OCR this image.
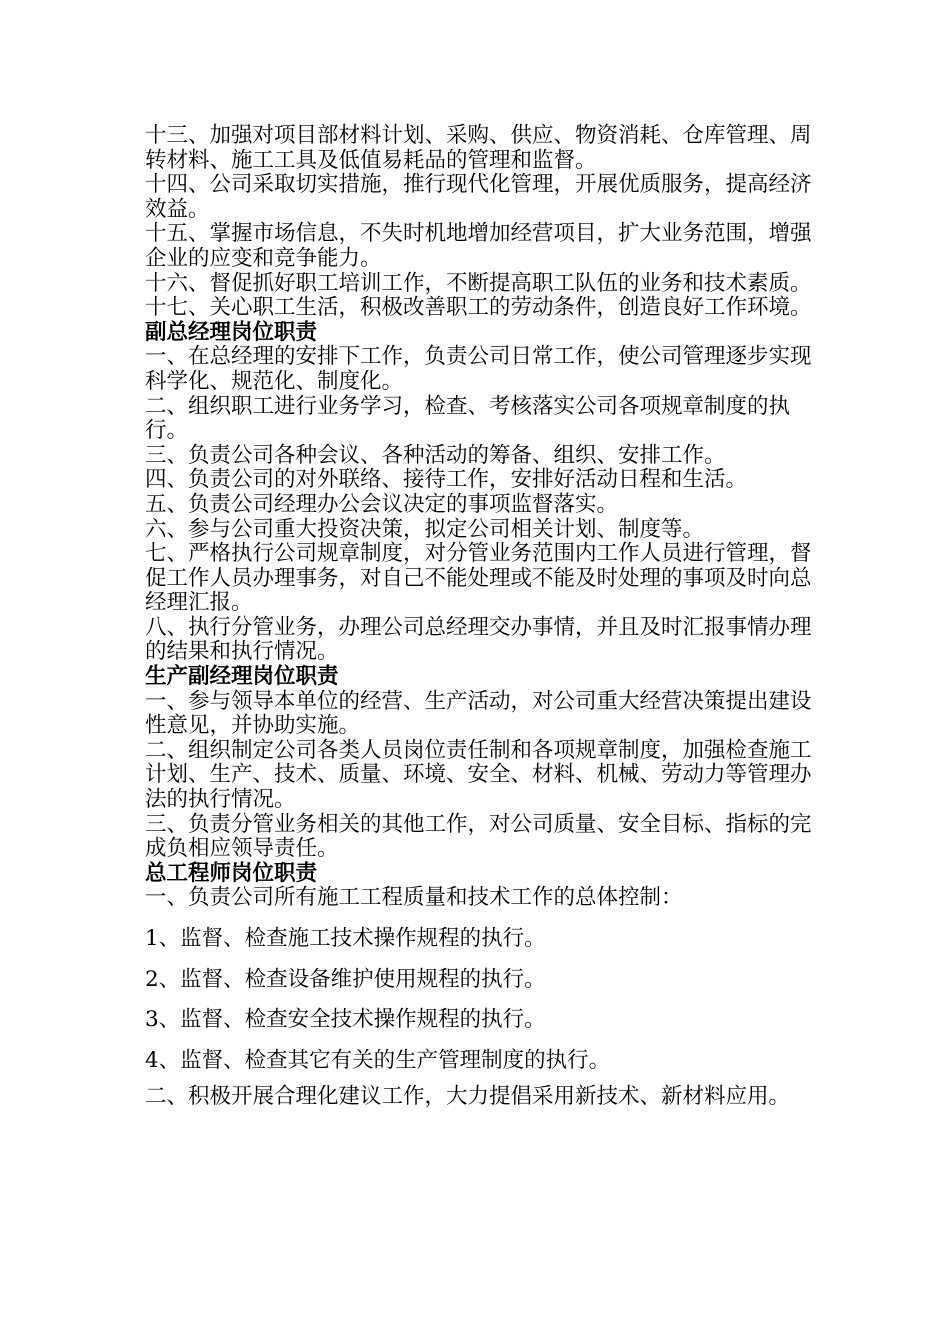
十三、加强对项目部材料计划、采购、供应、物资消耗、仓库管理、周转材料、施工工具及低值易耗品的管理和监督。

十四、公司采取切实措施，推行现代化管理，开展优质服务，提高经济效益。

十五、掌握市场信息，不失时机地增加经营项目，扩大业务范围，增强企业的应变和竞争能力。

十六、督促抓好职工培训工作，不断提高职工队伍的业务和技术素质。

十七、关心职工生活，积极改善职工的劳动条件，创造良好工作环境。

副总经理岗位职责

一、在总经理的安排下工作，负责公司日常工作，使公司管理逐步实现科学化、规范化、制度化。

二、组织职工进行业务学习，检查、考核落实公司各项规章制度的执行。

三、负责公司各种会议、各种活动的筹备、组织、安排工作。

四、负责公司的对外联络、接待工作，安排好活动日程和生活。

五、负责公司经理办公会议决定的事项监督落实。

六、参与公司重大投资决策，拟定公司相关计划、制度等。

七、严格执行公司规章制度，对分管业务范围内工作人员进行管理，督促工作人员办理事务，对自己不能处理或不能及时处理的事项及时向总经理汇报。

八、执行分管业务，办理公司总经理交办事情，并且及时汇报事情办理的结果和执行情况。

生产副经理岗位职责

一、参与领导本单位的经营、生产活动，对公司重大经营决策提出建设性意见，并协助实施。

二、组织制定公司各类人员岗位责任制和各项规章制度，加强检查施工计划、生产、技术、质量、环境、安全、材料、机械、劳动力等管理办法的执行情况。

三、负责分管业务相关的其他工作，对公司质量、安全目标、指标的完成负相应领导责任。

总工程师岗位职责

一、负责公司所有施工工程质量和技术工作的总体控制：

1、监督、检查施工技术操作规程的执行。

2、监督、检查设备维护使用规程的执行。

3、监督、检查安全技术操作规程的执行。

4、监督、检查其它有关的生产管理制度的执行。

二、积极开展合理化建议工作，大力提倡采用新技术、新材料应用。
